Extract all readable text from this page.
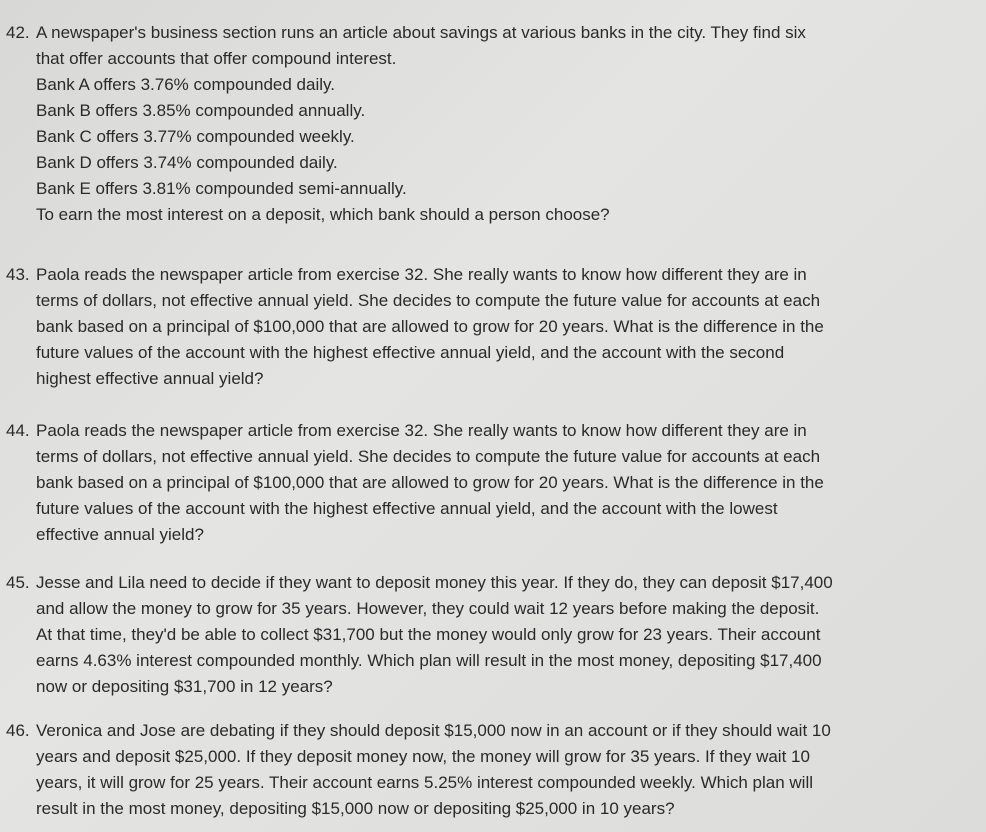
42. A newspaper's business section runs an article about savings at various banks in the city. They find six
that offer accounts that offer compound interest.
Bank A offers 3.76% compounded daily.
Bank B offers 3.85% compounded annually.
Bank C offers 3.77% compounded weekly.
Bank D offers 3.74% compounded daily.
Bank E offers 3.81% compounded semi-annually.
To earn the most interest on a deposit, which bank should a person choose?
43. Paola reads the newspaper article from exercise 32. She really wants to know how different they are in
terms of dollars, not effective annual yield. She decides to compute the future value for accounts at each
bank based on a principal of $100,000 that are allowed to grow for 20 years. What is the difference in the
future values of the account with the highest effective annual yield, and the account with the second
highest effective annual yield?
44. Paola reads the newspaper article from exercise 32. She really wants to know how different they are in
terms of dollars, not effective annual yield. She decides to compute the future value for accounts at each
bank based on a principal of $100,000 that are allowed to grow for 20 years. What is the difference in the
future values of the account with the highest effective annual yield, and the account with the lowest
effective annual yield?
45. Jesse and Lila need to decide if they want to deposit money this year. If they do, they can deposit $17,400
and allow the money to grow for 35 years. However, they could wait 12 years before making the deposit.
At that time, they'd be able to collect $31,700 but the money would only grow for 23 years. Their account
earns 4.63% interest compounded monthly. Which plan will result in the most money, depositing $17,400
now or depositing $31,700 in 12 years?
46. Veronica and Jose are debating if they should deposit $15,000 now in an account or if they should wait 10
years and deposit $25,000. If they deposit money now, the money will grow for 35 years. If they wait 10
years, it will grow for 25 years. Their account earns 5.25% interest compounded weekly. Which plan will
result in the most money, depositing $15,000 now or depositing $25,000 in 10 years?
